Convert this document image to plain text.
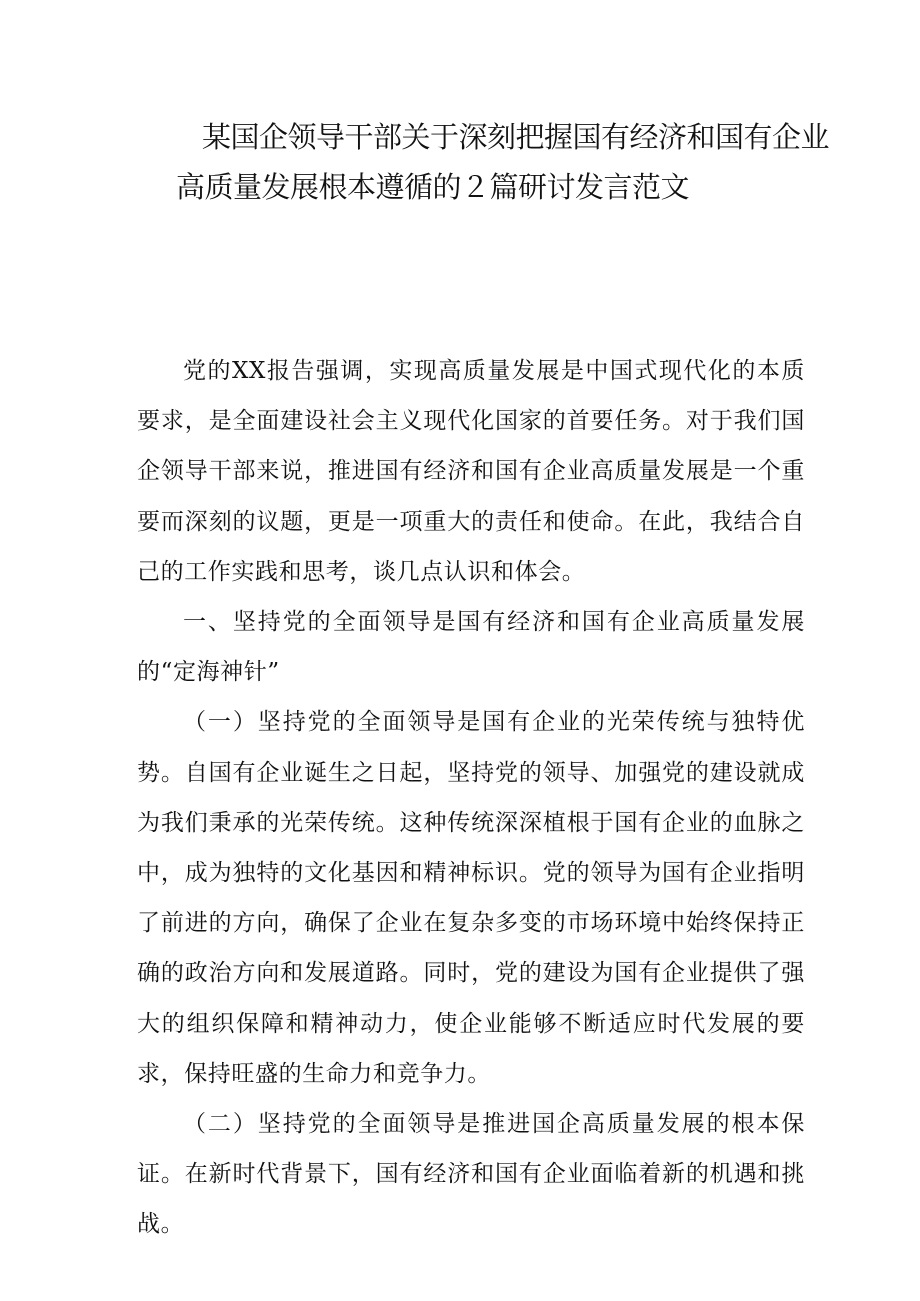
某国企领导干部关于深刻把握国有经济和国有企业
高质量发展根本遵循的２篇研讨发言范文

党的XX报告强调，实现高质量发展是中国式现代化的本质要求，是全面建设社会主义现代化国家的首要任务。对于我们国企领导干部来说，推进国有经济和国有企业高质量发展是一个重要而深刻的议题，更是一项重大的责任和使命。在此，我结合自己的工作实践和思考，谈几点认识和体会。

一、坚持党的全面领导是国有经济和国有企业高质量发展的“定海神针”

（一）坚持党的全面领导是国有企业的光荣传统与独特优势。自国有企业诞生之日起，坚持党的领导、加强党的建设就成为我们秉承的光荣传统。这种传统深深植根于国有企业的血脉之中，成为独特的文化基因和精神标识。党的领导为国有企业指明了前进的方向，确保了企业在复杂多变的市场环境中始终保持正确的政治方向和发展道路。同时，党的建设为国有企业提供了强大的组织保障和精神动力，使企业能够不断适应时代发展的要求，保持旺盛的生命力和竞争力。

（二）坚持党的全面领导是推进国企高质量发展的根本保证。在新时代背景下，国有经济和国有企业面临着新的机遇和挑战。
